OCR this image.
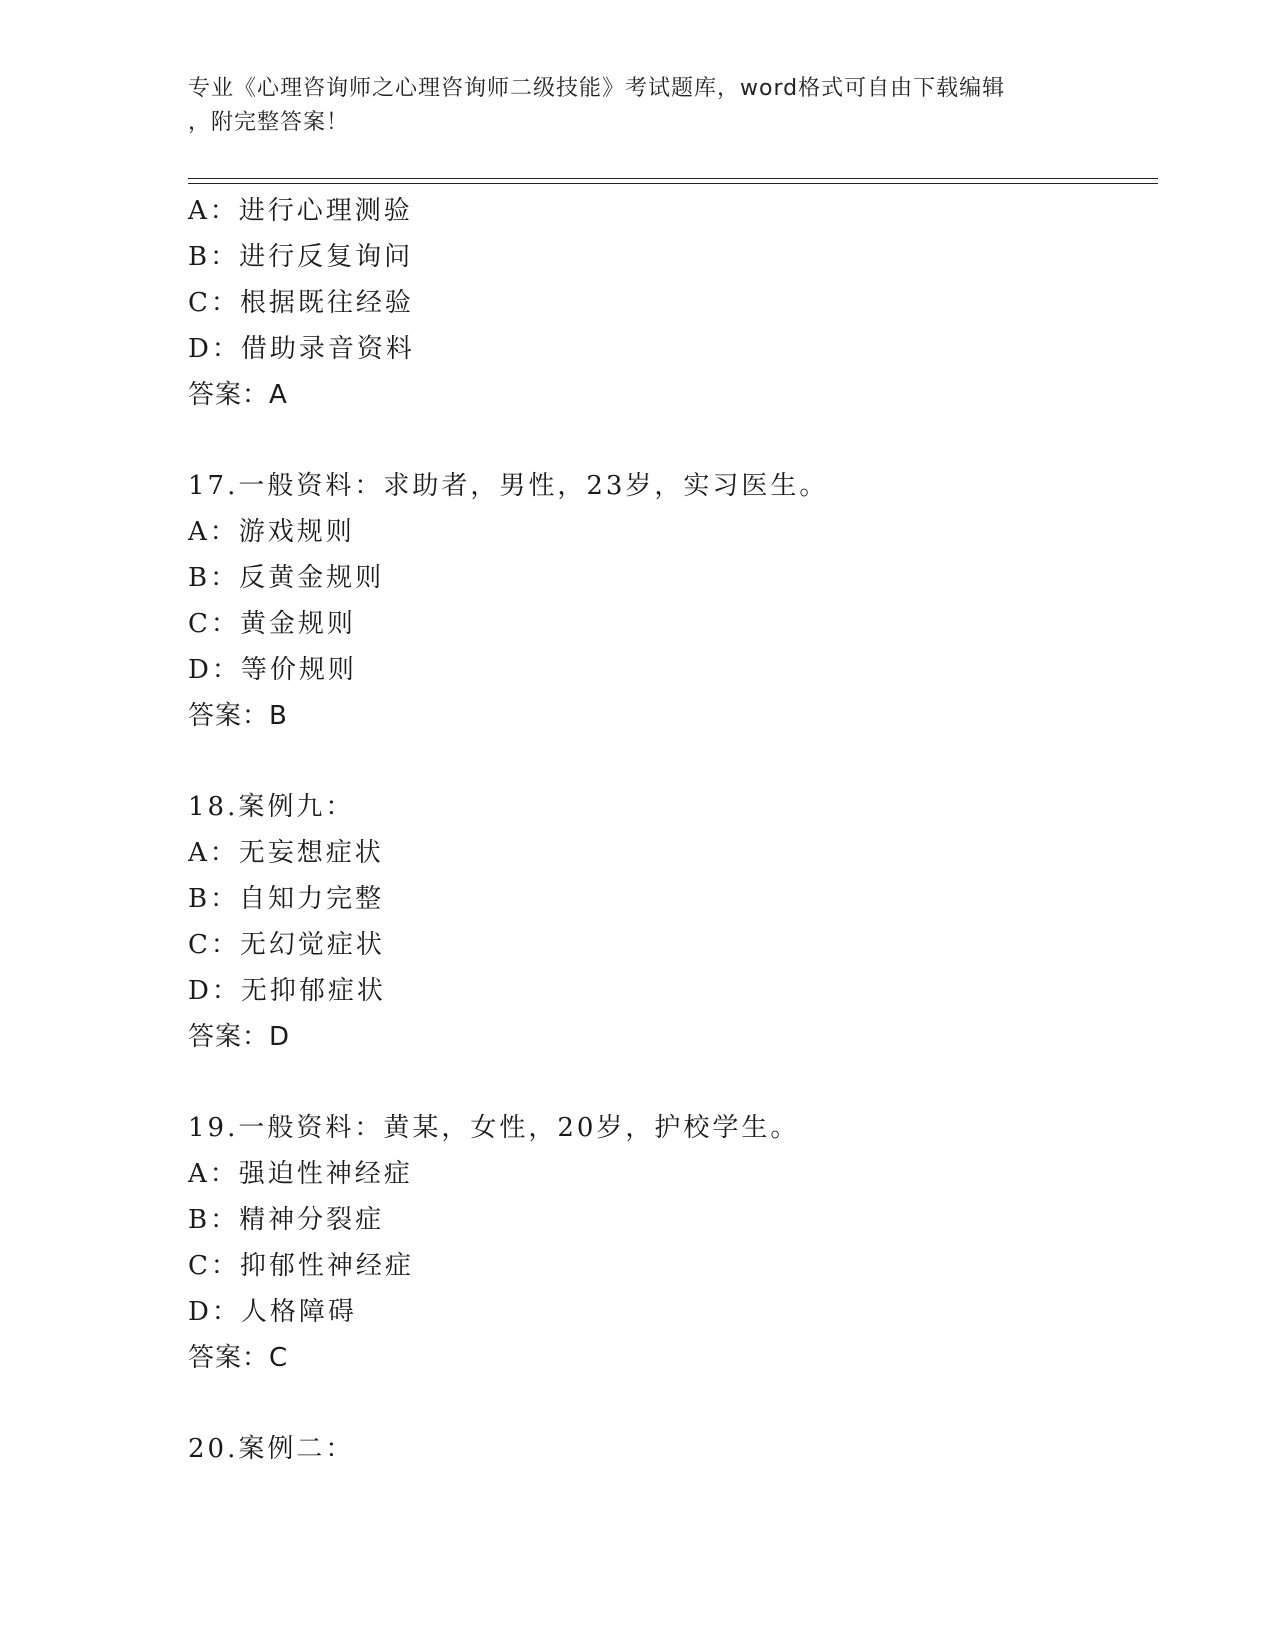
专业《心理咨询师之心理咨询师二级技能》考试题库，word格式可自由下载编辑
，附完整答案！
A：进行心理测验
B：进行反复询问
C：根据既往经验
D：借助录音资料
答案：A
17.一般资料：求助者，男性，23岁，实习医生。
A：游戏规则
B：反黄金规则
C：黄金规则
D：等价规则
答案：B
18.案例九：
A：无妄想症状
B：自知力完整
C：无幻觉症状
D：无抑郁症状
答案：D
19.一般资料：黄某，女性，20岁，护校学生。
A：强迫性神经症
B：精神分裂症
C：抑郁性神经症
D：人格障碍
答案：C
20.案例二：
